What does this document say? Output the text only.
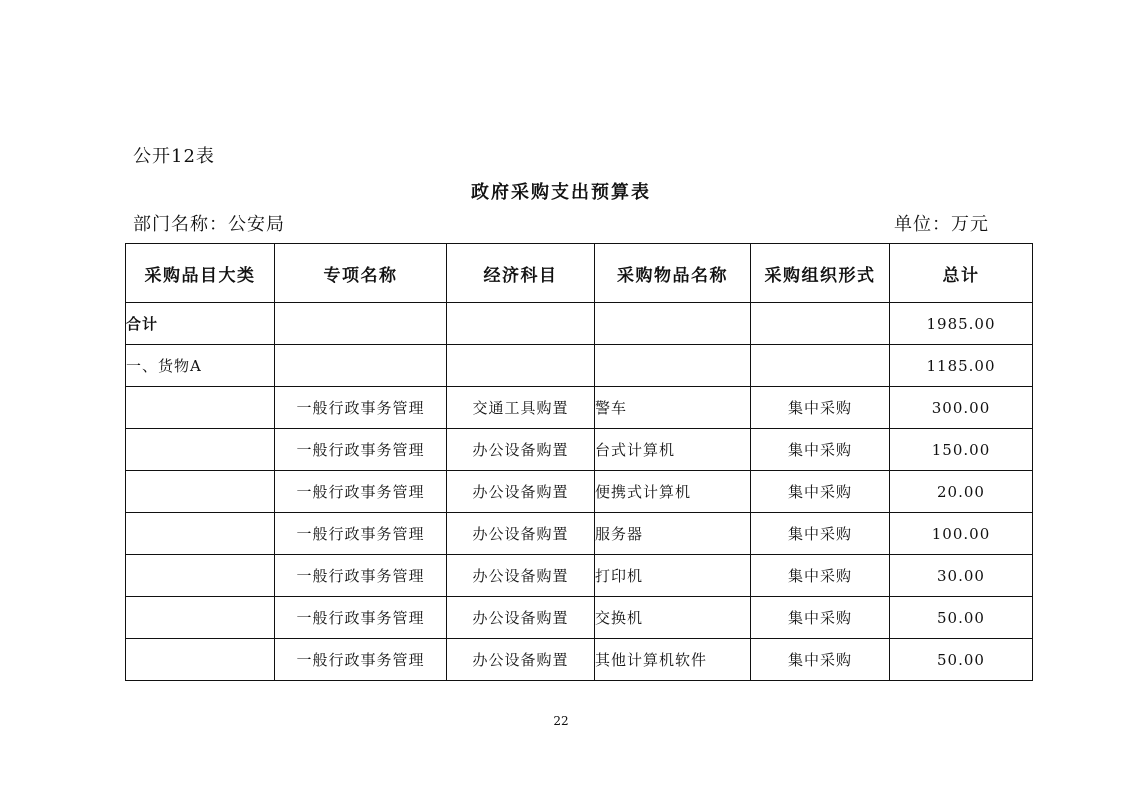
公开12表
政府采购支出预算表
部门名称：公安局	单位：万元
采购品目大类	专项名称	经济科目	采购物品名称	采购组织形式	总计
合计					1985.00
一、货物A					1185.00
	一般行政事务管理	交通工具购置	警车	集中采购	300.00
	一般行政事务管理	办公设备购置	台式计算机	集中采购	150.00
	一般行政事务管理	办公设备购置	便携式计算机	集中采购	20.00
	一般行政事务管理	办公设备购置	服务器	集中采购	100.00
	一般行政事务管理	办公设备购置	打印机	集中采购	30.00
	一般行政事务管理	办公设备购置	交换机	集中采购	50.00
	一般行政事务管理	办公设备购置	其他计算机软件	集中采购	50.00
22
